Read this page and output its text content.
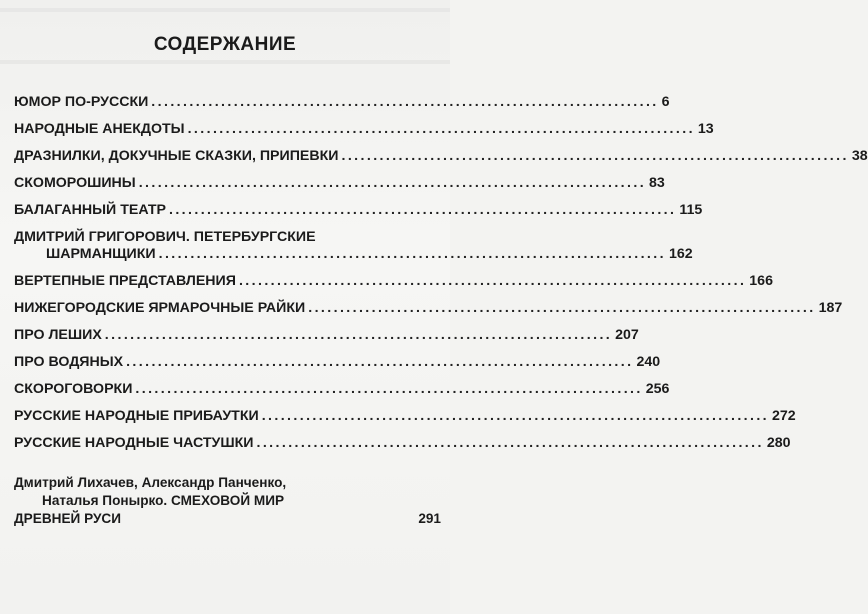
СОДЕРЖАНИЕ
ЮМОР ПО-РУССКИ ................................................................................ 6
НАРОДНЫЕ АНЕКДОТЫ ................................................................................ 13
ДРАЗНИЛКИ, ДОКУЧНЫЕ СКАЗКИ, ПРИПЕВКИ ................................................................................ 38
СКОМОРОШИНЫ ................................................................................ 83
БАЛАГАННЫЙ ТЕАТР ................................................................................ 115
ДМИТРИЙ ГРИГОРОВИЧ. ПЕТЕРБУРГСКИЕ
ШАРМАНЩИКИ ................................................................................ 162
ВЕРТЕПНЫЕ ПРЕДСТАВЛЕНИЯ ................................................................................ 166
НИЖЕГОРОДСКИЕ ЯРМАРОЧНЫЕ РАЙКИ ................................................................................ 187
ПРО ЛЕШИХ ................................................................................ 207
ПРО ВОДЯНЫХ ................................................................................ 240
СКОРОГОВОРКИ ................................................................................ 256
РУССКИЕ НАРОДНЫЕ ПРИБАУТКИ ................................................................................ 272
РУССКИЕ НАРОДНЫЕ ЧАСТУШКИ ................................................................................ 280
Дмитрий Лихачев, Александр Панченко,
Наталья Понырко. СМЕХОВОЙ МИР
ДРЕВНЕЙ РУСИ	291
